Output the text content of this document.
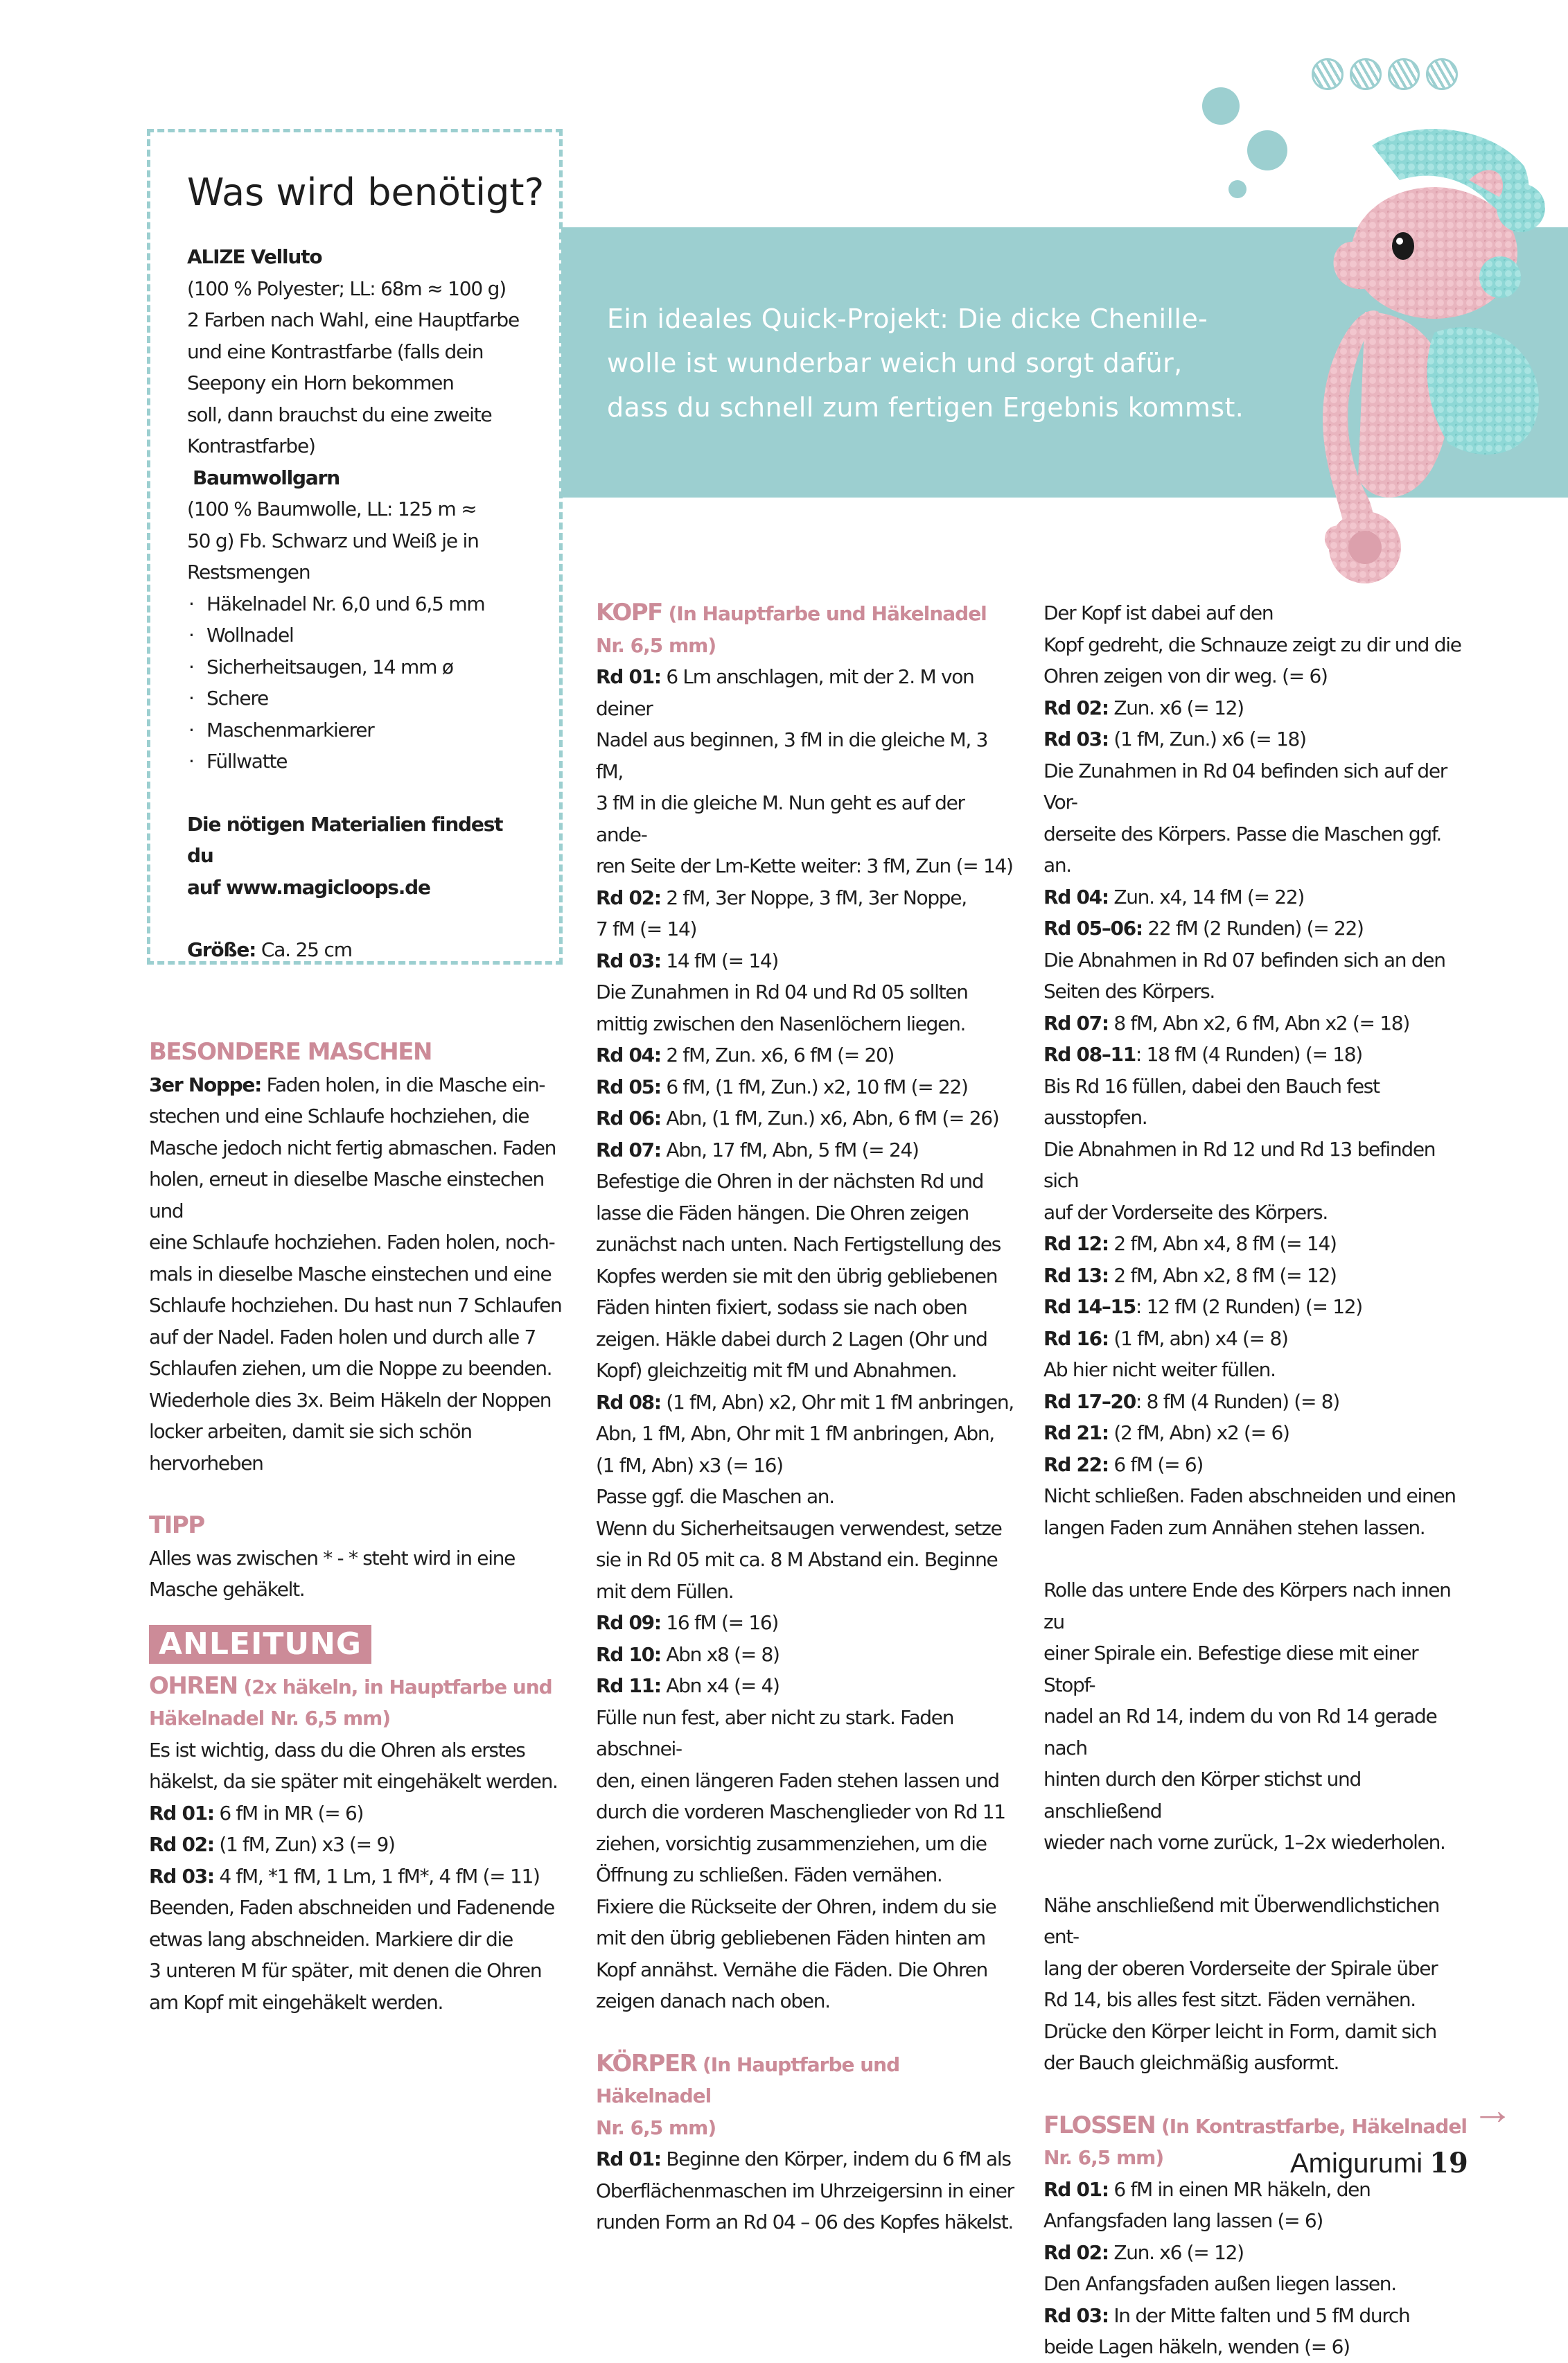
Was wird benötigt?

ALIZE Velluto

(100 % Polyester; LL: 68m ≈ 100 g)

2 Farben nach Wahl, eine Hauptfarbe

und eine Kontrastfarbe (falls dein

Seepony ein Horn bekommen

soll, dann brauchst du eine zweite

Kontrastfarbe)

Baumwollgarn

(100 % Baumwolle, LL: 125 m ≈

50 g) Fb. Schwarz und Weiß je in

Restsmengen

· Häkelnadel Nr. 6,0 und 6,5 mm
· Wollnadel
· Sicherheitsaugen, 14 mm ø
· Schere
· Maschenmarkierer
· Füllwatte

Die nötigen Materialien findest du

auf www.magicloops.de

Größe: Ca. 25 cm

Ein ideales Quick-Projekt: Die dicke Chenille-

wolle ist wunderbar weich und sorgt dafür,

dass du schnell zum fertigen Ergebnis kommst.

BESONDERE MASCHEN

3er Noppe: Faden holen, in die Masche ein-

stechen und eine Schlaufe hochziehen, die

Masche jedoch nicht fertig abmaschen. Faden

holen, erneut in dieselbe Masche einstechen und

eine Schlaufe hochziehen. Faden holen, noch-

mals in dieselbe Masche einstechen und eine

Schlaufe hochziehen. Du hast nun 7 Schlaufen

auf der Nadel. Faden holen und durch alle 7

Schlaufen ziehen, um die Noppe zu beenden.

Wiederhole dies 3x. Beim Häkeln der Noppen

locker arbeiten, damit sie sich schön hervorheben

TIPP

Alles was zwischen * - * steht wird in eine

Masche gehäkelt.

ANLEITUNG

OHREN (2x häkeln, in Hauptfarbe und

Häkelnadel Nr. 6,5 mm)

Es ist wichtig, dass du die Ohren als erstes

häkelst, da sie später mit eingehäkelt werden.

Rd 01: 6 fM in MR (= 6)

Rd 02: (1 fM, Zun) x3 (= 9)

Rd 03: 4 fM, *1 fM, 1 Lm, 1 fM*, 4 fM (= 11)

Beenden, Faden abschneiden und Fadenende

etwas lang abschneiden. Markiere dir die

3 unteren M für später, mit denen die Ohren

am Kopf mit eingehäkelt werden.

KOPF (In Hauptfarbe und Häkelnadel

Nr. 6,5 mm)

Rd 01: 6 Lm anschlagen, mit der 2. M von deiner

Nadel aus beginnen, 3 fM in die gleiche M, 3 fM,

3 fM in die gleiche M. Nun geht es auf der ande-

ren Seite der Lm-Kette weiter: 3 fM, Zun (= 14)

Rd 02: 2 fM, 3er Noppe, 3 fM, 3er Noppe,

7 fM (= 14)

Rd 03: 14 fM (= 14)

Die Zunahmen in Rd 04 und Rd 05 sollten

mittig zwischen den Nasenlöchern liegen.

Rd 04: 2 fM, Zun. x6, 6 fM (= 20)

Rd 05: 6 fM, (1 fM, Zun.) x2, 10 fM (= 22)

Rd 06: Abn, (1 fM, Zun.) x6, Abn, 6 fM (= 26)

Rd 07: Abn, 17 fM, Abn, 5 fM (= 24)

Befestige die Ohren in der nächsten Rd und

lasse die Fäden hängen. Die Ohren zeigen

zunächst nach unten. Nach Fertigstellung des

Kopfes werden sie mit den übrig gebliebenen

Fäden hinten fixiert, sodass sie nach oben

zeigen. Häkle dabei durch 2 Lagen (Ohr und

Kopf) gleichzeitig mit fM und Abnahmen.

Rd 08: (1 fM, Abn) x2, Ohr mit 1 fM anbringen,

Abn, 1 fM, Abn, Ohr mit 1 fM anbringen, Abn,

(1 fM, Abn) x3 (= 16)

Passe ggf. die Maschen an.

Wenn du Sicherheitsaugen verwendest, setze

sie in Rd 05 mit ca. 8 M Abstand ein. Beginne

mit dem Füllen.

Rd 09: 16 fM (= 16)

Rd 10: Abn x8 (= 8)

Rd 11: Abn x4 (= 4)

Fülle nun fest, aber nicht zu stark. Faden abschnei-

den, einen längeren Faden stehen lassen und

durch die vorderen Maschenglieder von Rd 11

ziehen, vorsichtig zusammenziehen, um die

Öffnung zu schließen. Fäden vernähen.

Fixiere die Rückseite der Ohren, indem du sie

mit den übrig gebliebenen Fäden hinten am

Kopf annähst. Vernähe die Fäden. Die Ohren

zeigen danach nach oben.

KÖRPER (In Hauptfarbe und Häkelnadel

Nr. 6,5 mm)

Rd 01: Beginne den Körper, indem du 6 fM als

Oberflächenmaschen im Uhrzeigersinn in einer

runden Form an Rd 04 – 06 des Kopfes häkelst.

Der Kopf ist dabei auf den

Kopf gedreht, die Schnauze zeigt zu dir und die

Ohren zeigen von dir weg. (= 6)

Rd 02: Zun. x6 (= 12)

Rd 03: (1 fM, Zun.) x6 (= 18)

Die Zunahmen in Rd 04 befinden sich auf der Vor-

derseite des Körpers. Passe die Maschen ggf. an.

Rd 04: Zun. x4, 14 fM (= 22)

Rd 05–06: 22 fM (2 Runden) (= 22)

Die Abnahmen in Rd 07 befinden sich an den

Seiten des Körpers.

Rd 07: 8 fM, Abn x2, 6 fM, Abn x2 (= 18)

Rd 08–11: 18 fM (4 Runden) (= 18)

Bis Rd 16 füllen, dabei den Bauch fest ausstopfen.

Die Abnahmen in Rd 12 und Rd 13 befinden sich

auf der Vorderseite des Körpers.

Rd 12: 2 fM, Abn x4, 8 fM (= 14)

Rd 13: 2 fM, Abn x2, 8 fM (= 12)

Rd 14–15: 12 fM (2 Runden) (= 12)

Rd 16: (1 fM, abn) x4 (= 8)

Ab hier nicht weiter füllen.

Rd 17–20: 8 fM (4 Runden) (= 8)

Rd 21: (2 fM, Abn) x2 (= 6)

Rd 22: 6 fM (= 6)

Nicht schließen. Faden abschneiden und einen

langen Faden zum Annähen stehen lassen.

Rolle das untere Ende des Körpers nach innen zu

einer Spirale ein. Befestige diese mit einer Stopf-

nadel an Rd 14, indem du von Rd 14 gerade nach

hinten durch den Körper stichst und anschließend

wieder nach vorne zurück, 1–2x wiederholen.

Nähe anschließend mit Überwendlichstichen ent-

lang der oberen Vorderseite der Spirale über

Rd 14, bis alles fest sitzt. Fäden vernähen.

Drücke den Körper leicht in Form, damit sich

der Bauch gleichmäßig ausformt.

FLOSSEN (In Kontrastfarbe, Häkelnadel

Nr. 6,5 mm)

Rd 01: 6 fM in einen MR häkeln, den

Anfangsfaden lang lassen (= 6)

Rd 02: Zun. x6 (= 12)

Den Anfangsfaden außen liegen lassen.

Rd 03: In der Mitte falten und 5 fM durch

beide Lagen häkeln, wenden (= 6)

→
Amigurumi 19
